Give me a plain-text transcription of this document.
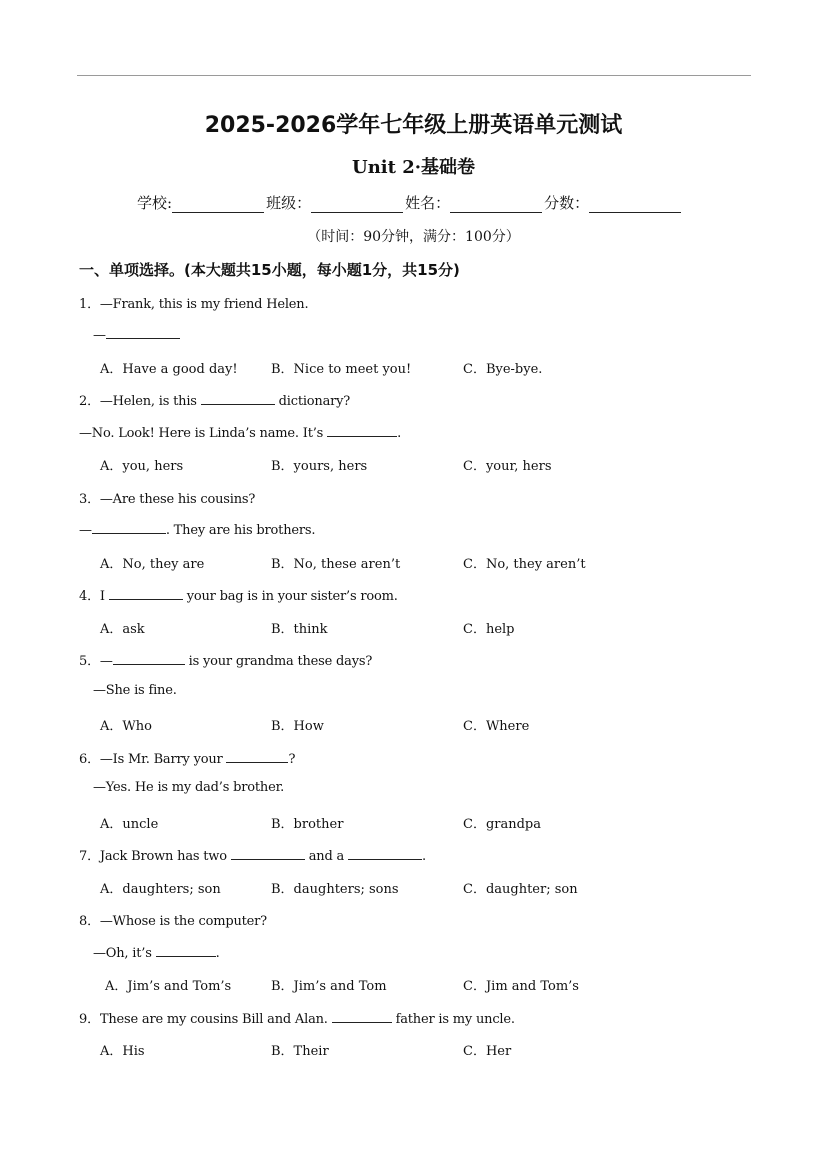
2025-2026学年七年级上册英语单元测试
Unit 2·基础卷
学校:	班级：	姓名：	分数：
（时间：90分钟，满分：100分）
一、单项选择。(本大题共15小题，每小题1分，共15分)
1．—Frank, this is my friend Helen.
—
A．Have a good day!	B．Nice to meet you!	C．Bye-bye.
2．—Helen, is this	dictionary?
—No. Look! Here is Linda’s name. It’s	.
A．you, hers	B．yours, hers	C．your, hers
3．—Are these his cousins?
—	. They are his brothers.
A．No, they are	B．No, these aren’t	C．No, they aren’t
4．I	your bag is in your sister’s room.
A．ask	B．think	C．help
5．—	is your grandma these days?
—She is fine.
A．Who	B．How	C．Where
6．—Is Mr. Barry your	?
—Yes. He is my dad’s brother.
A．uncle	B．brother	C．grandpa
7．Jack Brown has two	and a	.
A．daughters; son	B．daughters; sons	C．daughter; son
8．—Whose is the computer?
—Oh, it’s	.
A．Jim’s and Tom’s	B．Jim’s and Tom	C．Jim and Tom’s
9．These are my cousins Bill and Alan.	father is my uncle.
A．His	B．Their	C．Her
